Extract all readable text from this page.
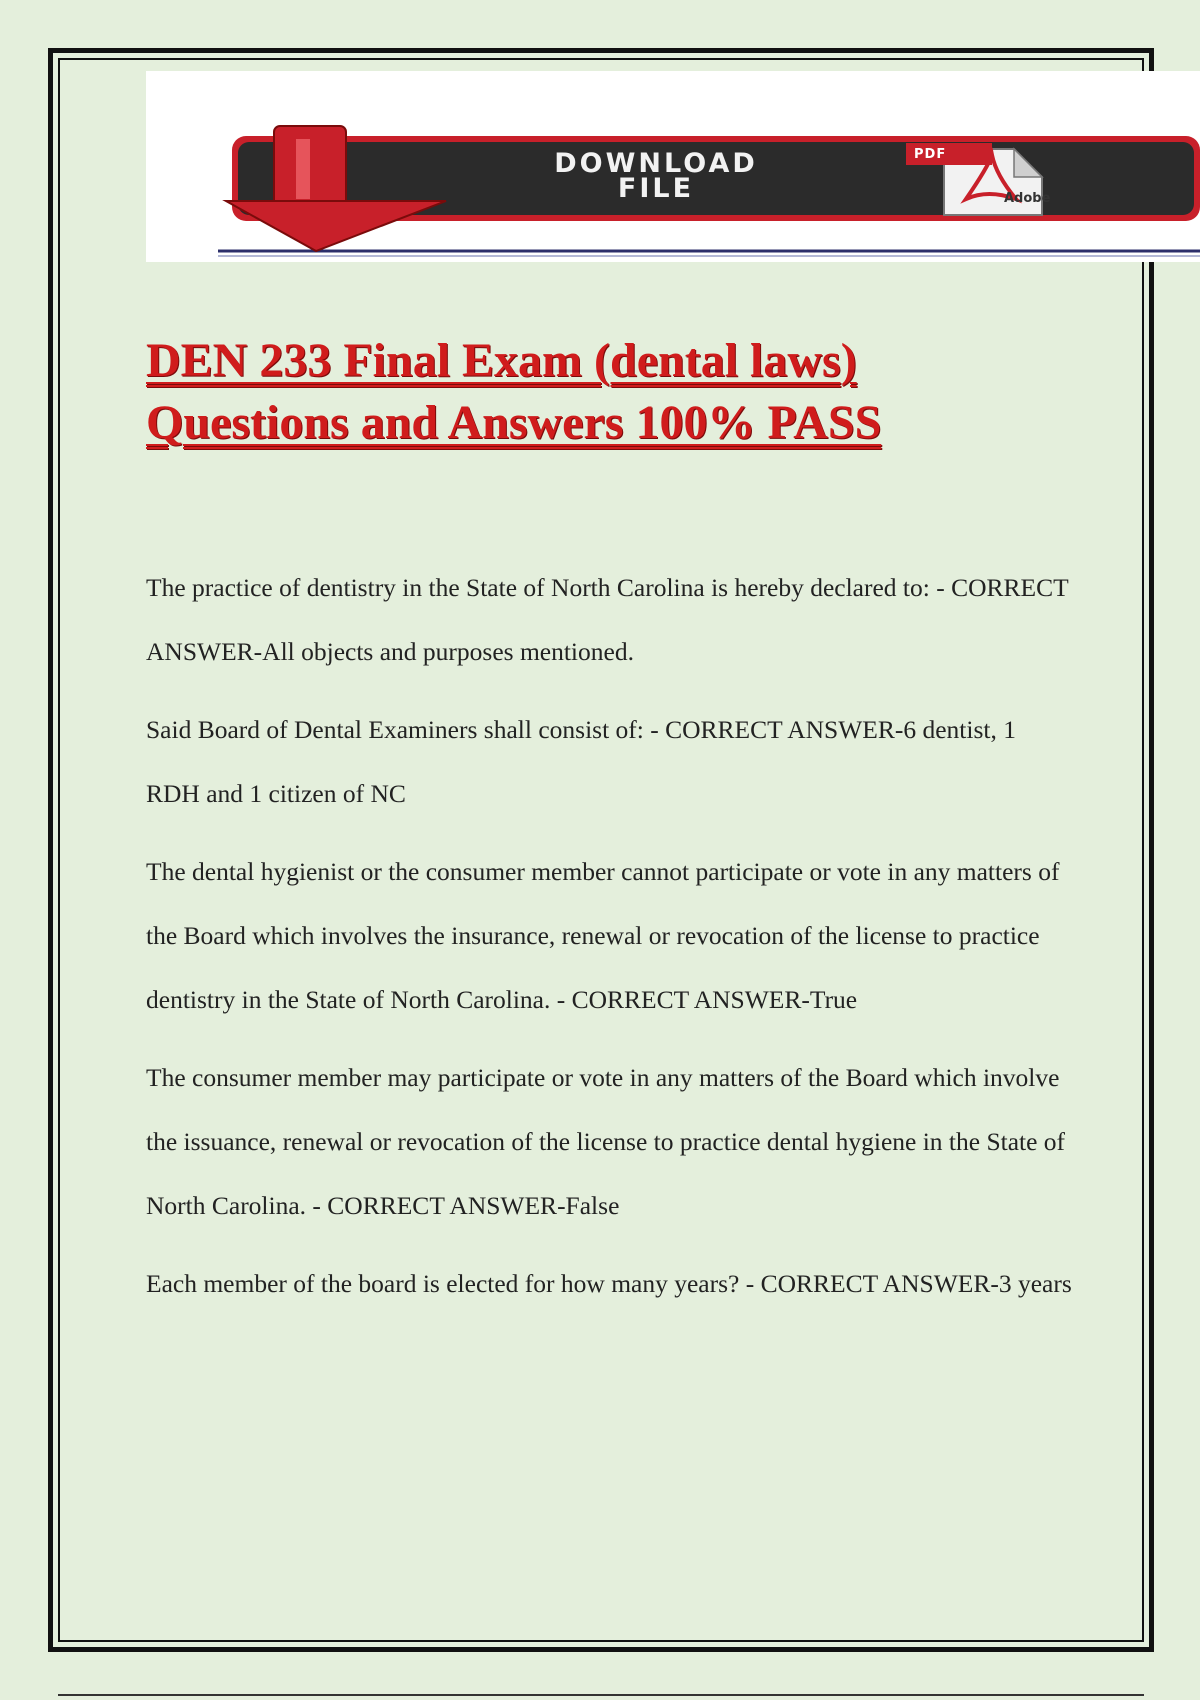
DOWNLOAD
FILE
PDF
Adobe
DEN 233 Final Exam (dental laws)
Questions and Answers 100% PASS

The practice of dentistry in the State of North Carolina is hereby declared to: - CORRECT ANSWER-All objects and purposes mentioned.

Said Board of Dental Examiners shall consist of: - CORRECT ANSWER-6 dentist, 1 RDH and 1 citizen of NC

The dental hygienist or the consumer member cannot participate or vote in any matters of the Board which involves the insurance, renewal or revocation of the license to practice dentistry in the State of North Carolina. - CORRECT ANSWER-True

The consumer member may participate or vote in any matters of the Board which involve the issuance, renewal or revocation of the license to practice dental hygiene in the State of North Carolina. - CORRECT ANSWER-False

Each member of the board is elected for how many years? - CORRECT ANSWER-3 years
